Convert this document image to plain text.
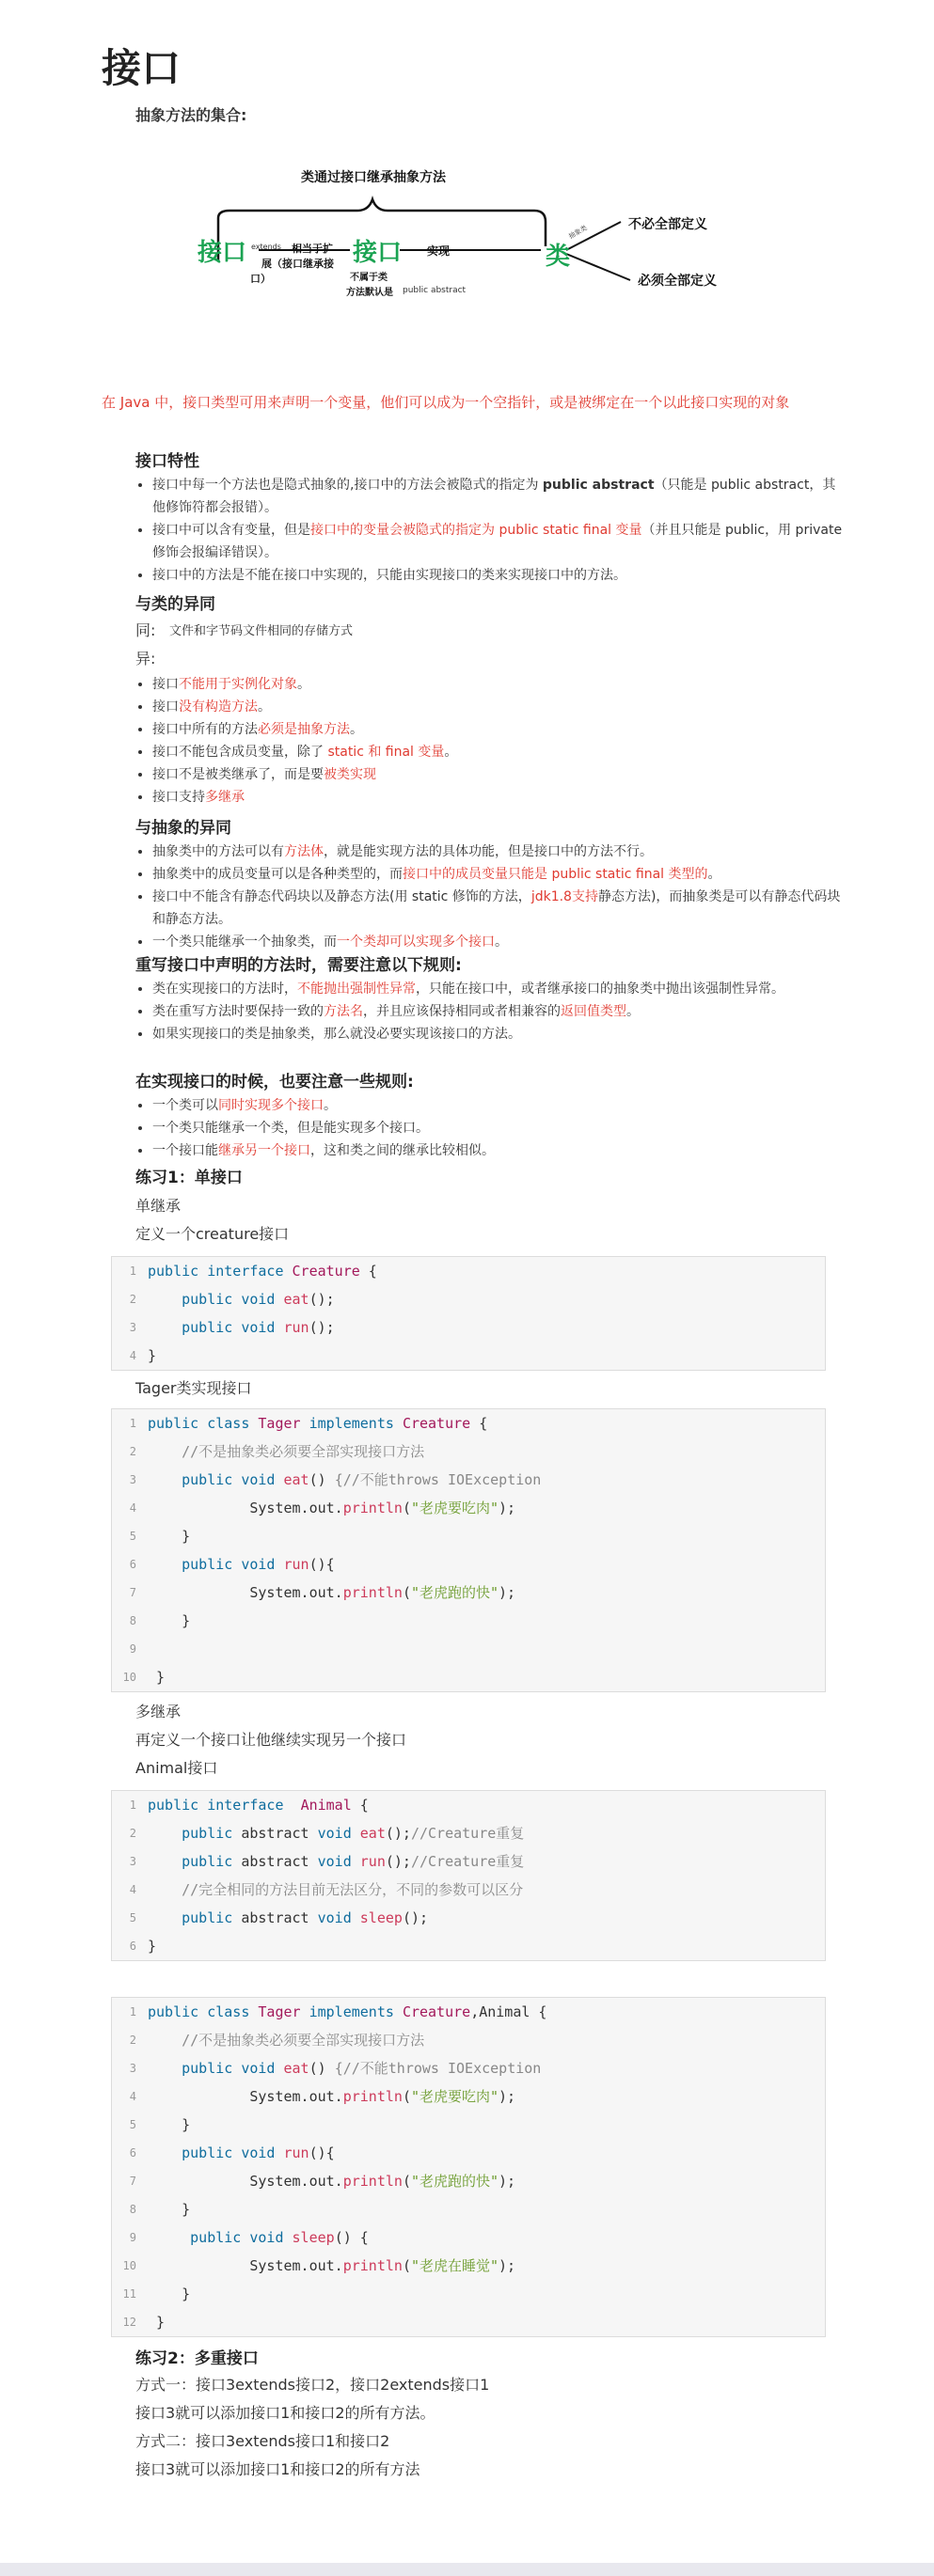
接口
抽象方法的集合:
类通过接口继承抽象方法
接口	接口	类
extends 相当于扩
展（接口继承接
口）
实现
不属于类
方法默认是 public abstract
抽象类	不必全部定义
必须全部定义
在 Java 中，接口类型可用来声明一个变量，他们可以成为一个空指针，或是被绑定在一个以此接口实现的对象
接口特性
• 接口中每一个方法也是隐式抽象的,接口中的方法会被隐式的指定为 public abstract（只能是 public abstract，其他修饰符都会报错）。
• 接口中可以含有变量，但是接口中的变量会被隐式的指定为 public static final 变量（并且只能是 public，用 private 修饰会报编译错误）。
• 接口中的方法是不能在接口中实现的，只能由实现接口的类来实现接口中的方法。
与类的异同
同: 文件和字节码文件相同的存储方式
异:
• 接口不能用于实例化对象。
• 接口没有构造方法。
• 接口中所有的方法必须是抽象方法。
• 接口不能包含成员变量，除了 static 和 final 变量。
• 接口不是被类继承了，而是要被类实现
• 接口支持多继承
与抽象的异同
• 抽象类中的方法可以有方法体，就是能实现方法的具体功能，但是接口中的方法不行。
• 抽象类中的成员变量可以是各种类型的，而接口中的成员变量只能是 public static final 类型的。
• 接口中不能含有静态代码块以及静态方法(用 static 修饰的方法，jdk1.8支持静态方法)，而抽象类是可以有静态代码块和静态方法。
• 一个类只能继承一个抽象类，而一个类却可以实现多个接口。
重写接口中声明的方法时，需要注意以下规则:
• 类在实现接口的方法时，不能抛出强制性异常，只能在接口中，或者继承接口的抽象类中抛出该强制性异常。
• 类在重写方法时要保持一致的方法名，并且应该保持相同或者相兼容的返回值类型。
• 如果实现接口的类是抽象类，那么就没必要实现该接口的方法。
在实现接口的时候，也要注意一些规则:
• 一个类可以同时实现多个接口。
• 一个类只能继承一个类，但是能实现多个接口。
• 一个接口能继承另一个接口，这和类之间的继承比较相似。
练习1：单接口
单继承
定义一个creature接口
1 public interface Creature {
2	public void eat();
3	public void run();
4 }
Tager类实现接口
1 public class Tager implements Creature {
2 //不是抽象类必须要全部实现接口方法
3	public void eat() {//不能throws IOException
4 System.out.println("老虎要吃肉");
5 }
6	public void run(){
7 System.out.println("老虎跑的快");
8 }
9
10 }
多继承
再定义一个接口让他继续实现另一个接口
Animal接口
1 public interface Animal {
2	public abstract void eat();//Creature重复
3	public abstract void run();//Creature重复
4 //完全相同的方法目前无法区分，不同的参数可以区分
5	public abstract void sleep();
6 }
1 public class Tager implements Creature,Animal {
2 //不是抽象类必须要全部实现接口方法
3	public void eat() {//不能throws IOException
4 System.out.println("老虎要吃肉");
5 }
6	public void run(){
7 System.out.println("老虎跑的快");
8 }
9	public void sleep() {
10 System.out.println("老虎在睡觉");
11 }
12 }
练习2：多重接口
方式一：接口3extends接口2，接口2extends接口1
接口3就可以添加接口1和接口2的所有方法。
方式二：接口3extends接口1和接口2
接口3就可以添加接口1和接口2的所有方法
